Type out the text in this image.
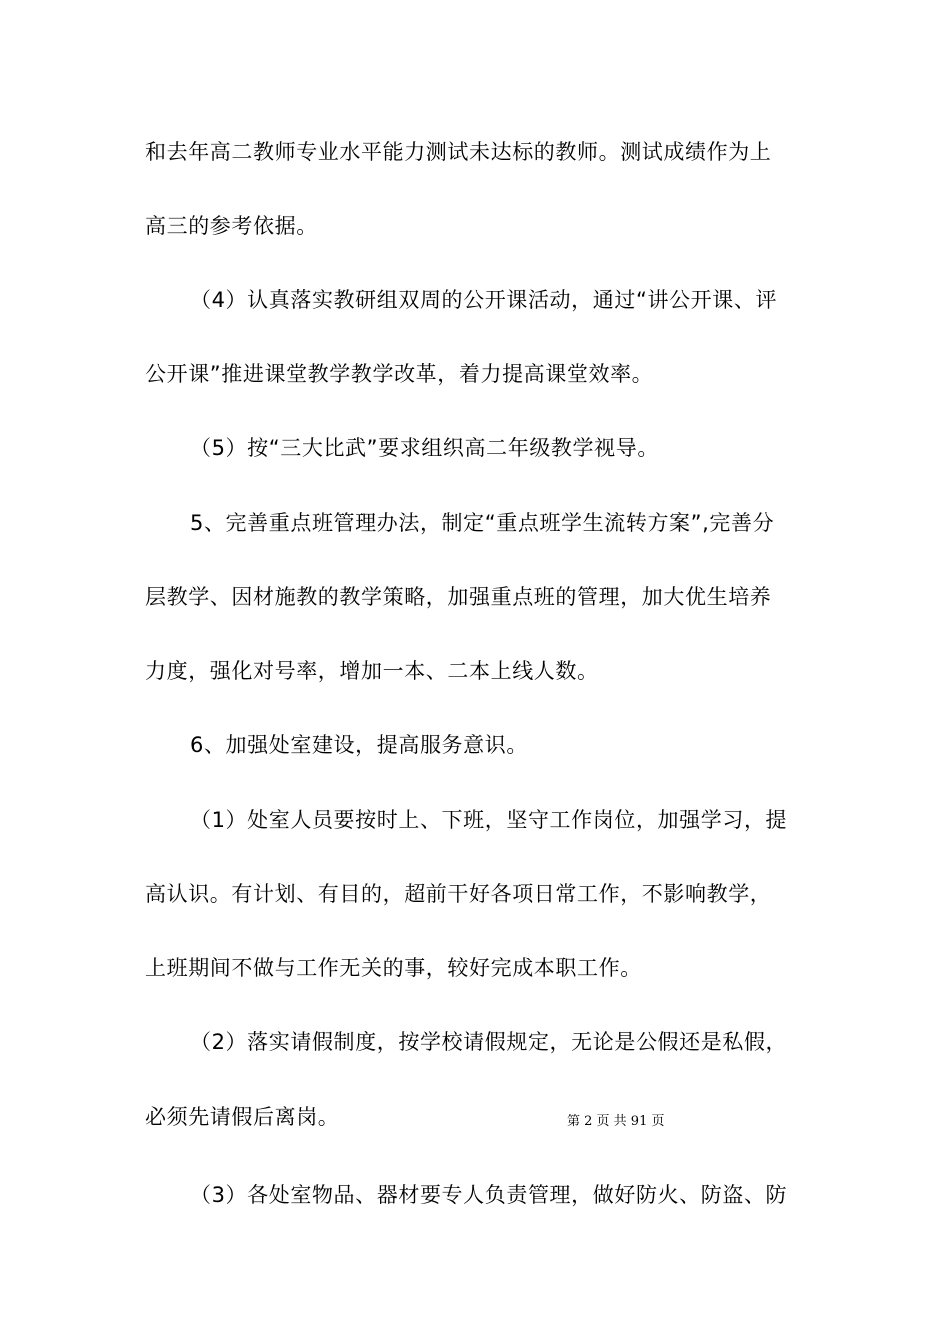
和去年高二教师专业水平能力测试未达标的教师。测试成绩作为上
高三的参考依据。
（4）认真落实教研组双周的公开课活动，通过“讲公开课、评
公开课”推进课堂教学教学改革，着力提高课堂效率。
（5）按“三大比武”要求组织高二年级教学视导。
5、完善重点班管理办法，制定“重点班学生流转方案”,完善分
层教学、因材施教的教学策略，加强重点班的管理，加大优生培养
力度，强化对号率，增加一本、二本上线人数。
6、加强处室建设，提高服务意识。
（1）处室人员要按时上、下班，坚守工作岗位，加强学习，提
高认识。有计划、有目的，超前干好各项日常工作，不影响教学，
上班期间不做与工作无关的事，较好完成本职工作。
（2）落实请假制度，按学校请假规定，无论是公假还是私假，
必须先请假后离岗。	第 2 页 共 91 页
（3）各处室物品、器材要专人负责管理，做好防火、防盗、防
